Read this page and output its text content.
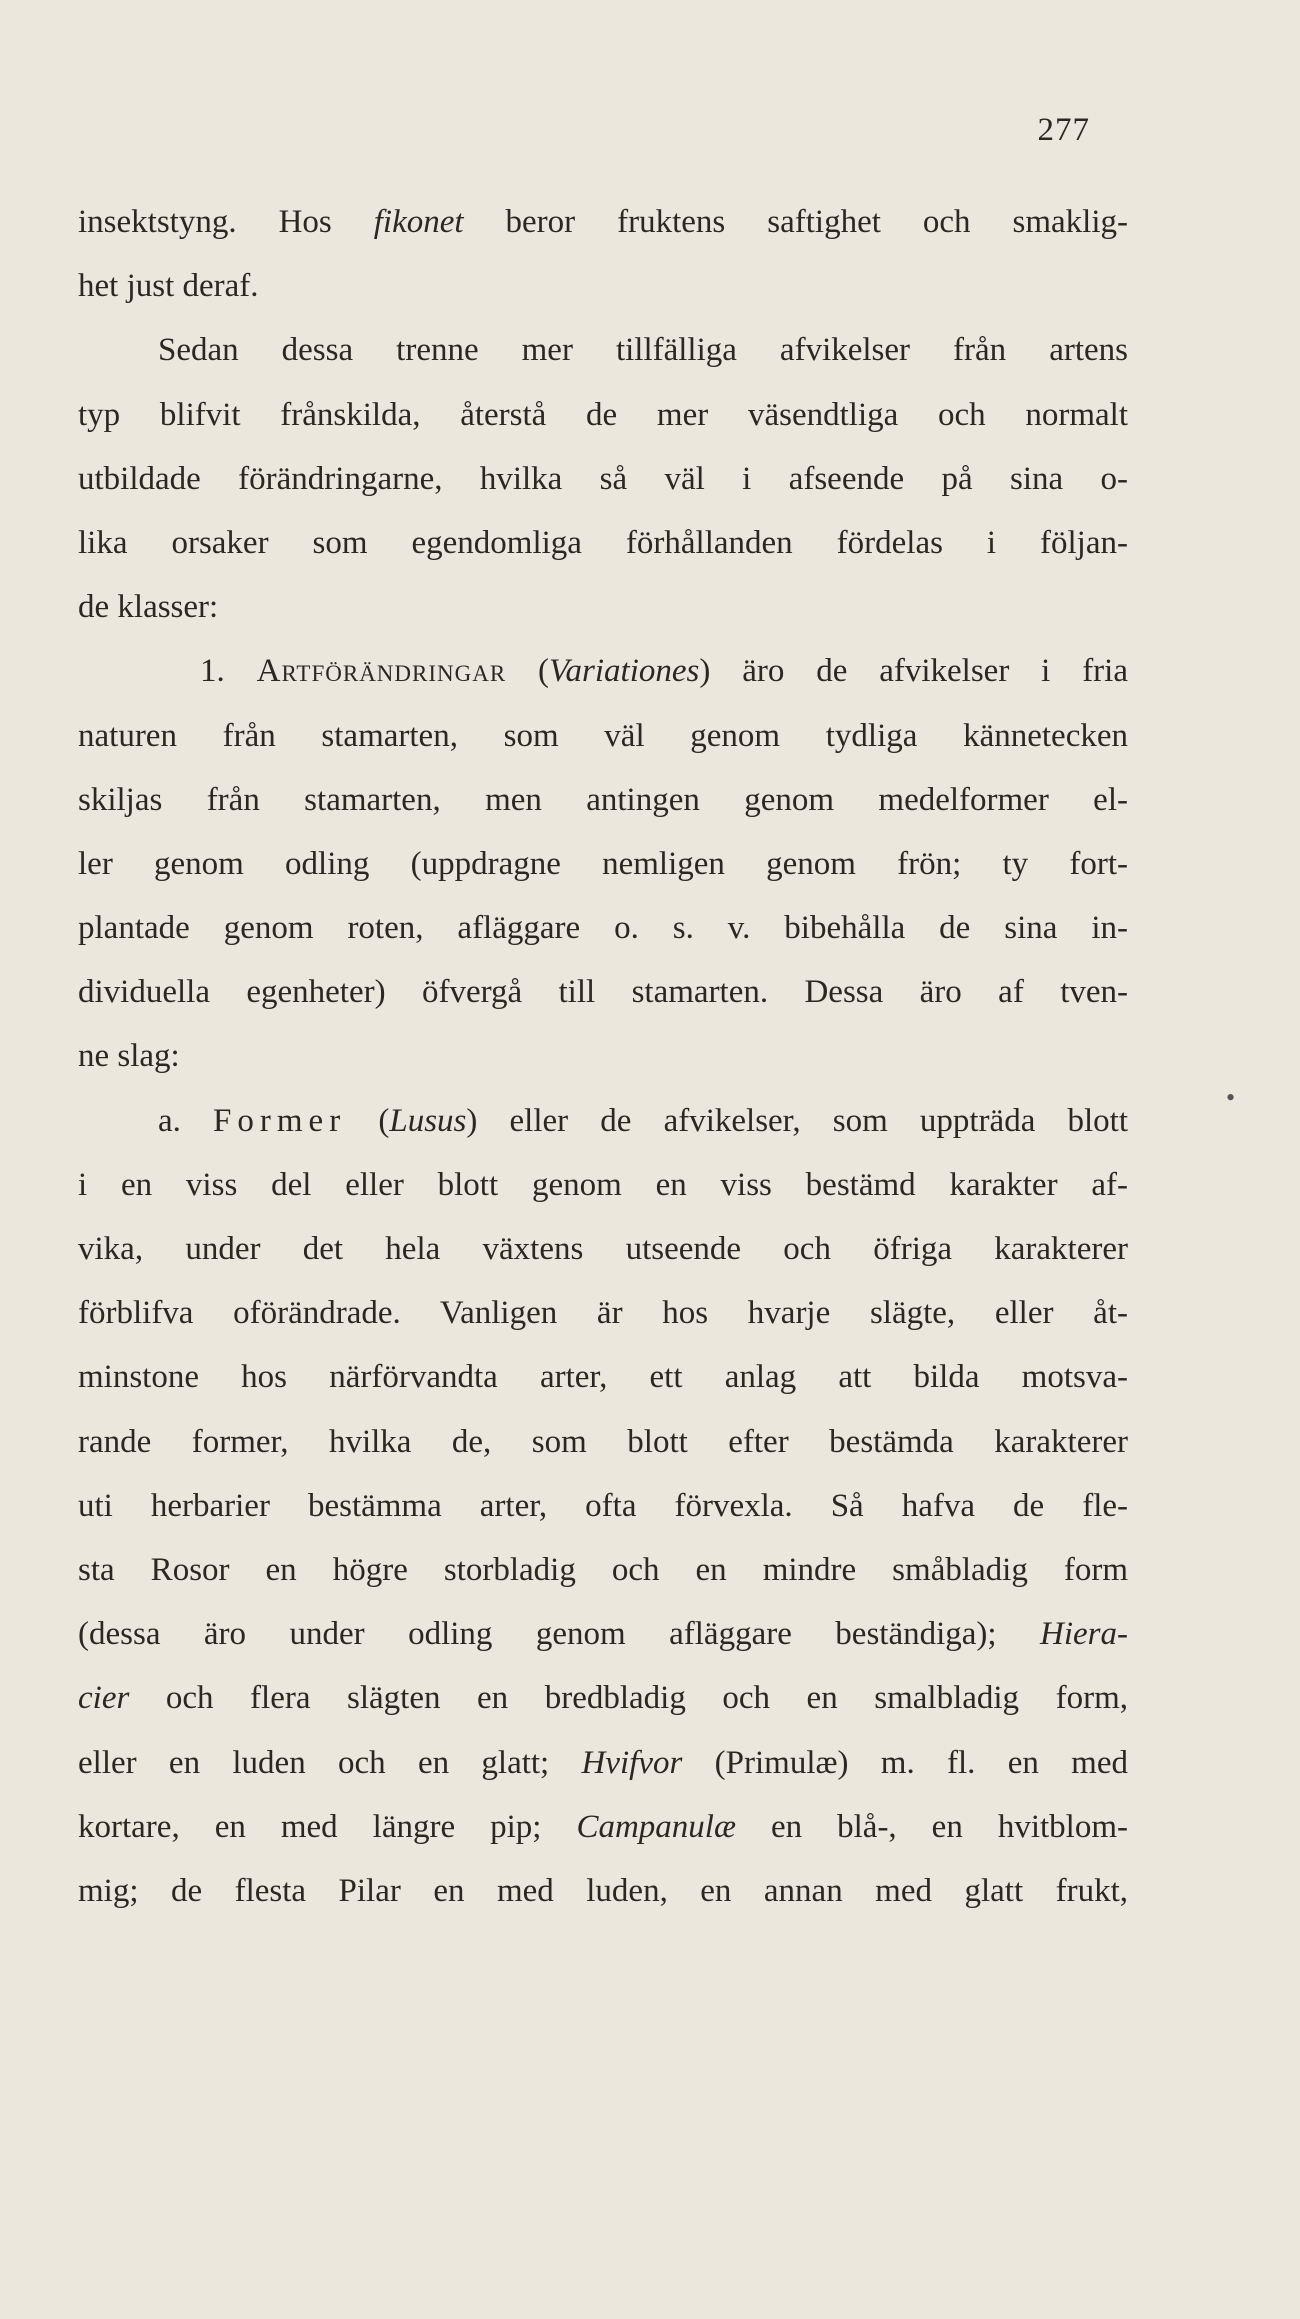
277
insektstyng. Hos fikonet beror fruktens saftighet och smaklig-
het just deraf.
Sedan dessa trenne mer tillfälliga afvikelser från artens
typ blifvit frånskilda, återstå de mer väsendtliga och normalt
utbildade förändringarne, hvilka så väl i afseende på sina o-
lika orsaker som egendomliga förhållanden fördelas i följan-
de klasser:
1. Artförändringar (Variationes) äro de afvikelser i fria
naturen från stamarten, som väl genom tydliga kännetecken
skiljas från stamarten, men antingen genom medelformer el-
ler genom odling (uppdragne nemligen genom frön; ty fort-
plantade genom roten, afläggare o. s. v. bibehålla de sina in-
dividuella egenheter) öfvergå till stamarten. Dessa äro af tven-
ne slag:
a. Former (Lusus) eller de afvikelser, som uppträda blott
i en viss del eller blott genom en viss bestämd karakter af-
vika, under det hela växtens utseende och öfriga karakterer
förblifva oförändrade. Vanligen är hos hvarje slägte, eller åt-
minstone hos närförvandta arter, ett anlag att bilda motsva-
rande former, hvilka de, som blott efter bestämda karakterer
uti herbarier bestämma arter, ofta förvexla. Så hafva de fle-
sta Rosor en högre storbladig och en mindre småbladig form
(dessa äro under odling genom afläggare beständiga); Hiera-
cier och flera slägten en bredbladig och en smalbladig form,
eller en luden och en glatt; Hvifvor (Primulæ) m. fl. en med
kortare, en med längre pip; Campanulæ en blå-, en hvitblom-
mig; de flesta Pilar en med luden, en annan med glatt frukt,
•
